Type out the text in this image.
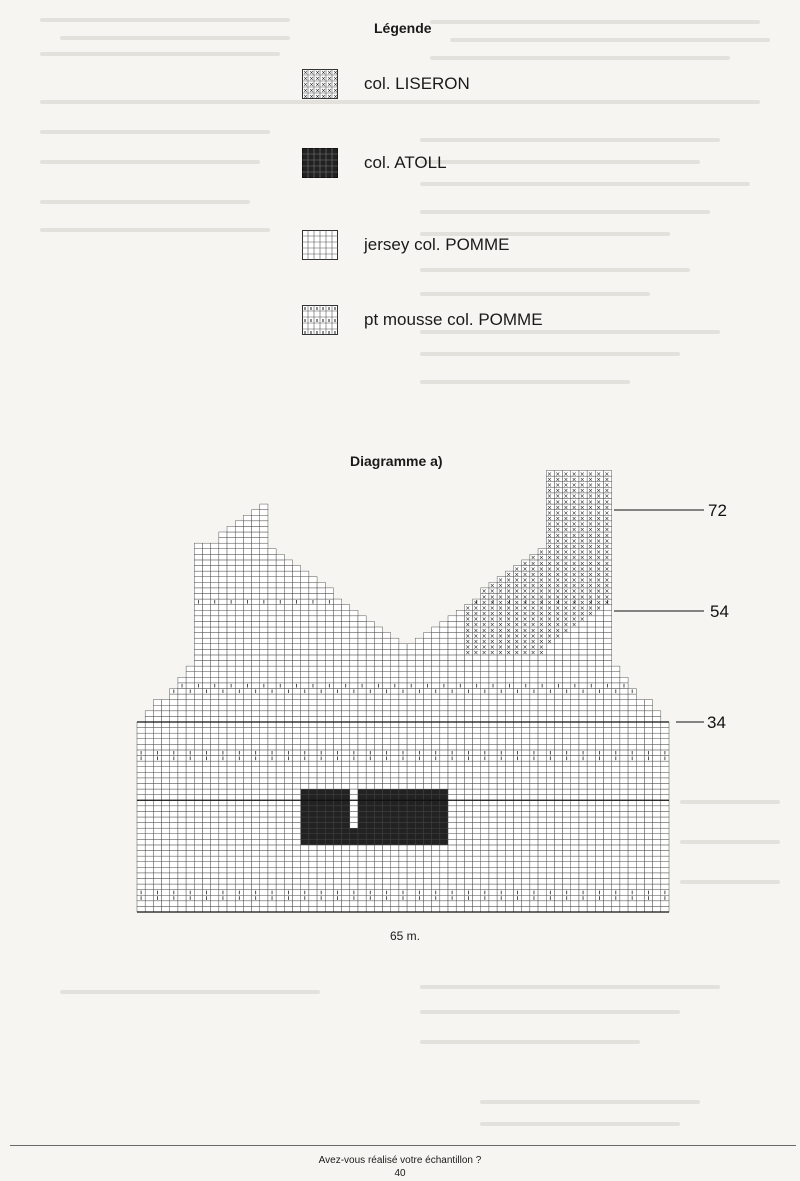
Légende
× × × × × ×
× × × × × ×
× × × × × ×
× × × × × ×
× × × × × ×
col. LISERON
col. ATOLL
jersey col. POMME
pt mousse col. POMME
Diagramme a)
× × × × × × × × × ×
× × × × × × × × × ×
× × × × × × × × × × ×
× × × × × × × × × × × ×
× × × × × × × × × × × × ×
× × × × × × × × × × × × × ×
× × × × × × × × × × × × × × ×
× × × × × × × × × × × × × × × ×
× × × × × × × × × × × × × × × × ×
× × × × × × × × × × × × × × × × ×
× × × × × × × × × × × × × × × ×
× × × × × × × × × × × × × × × ×
× × × × × × × × × × × × × × ×
× × × × × × × × × × × × × ×
× × × × × × × × × × × × ×
× × × × × × × × × × × ×
× × × × × × × × × × ×
× × × × × × × × × ×
× × × × × × × × ×
× × × × × × × ×
× × × × × × × ×
× × × × × × × ×
× × × × × × × ×
× × × × × × × ×
× × × × × × × ×
× × × × × × × ×
× × × × × × × ×
× × × × × × × ×
× × × × × × × ×
× × × × × × × ×
× × × × × × × ×
× × × × × × × ×
× × × × × × × ×
72
54
34
65 m.
Avez-vous réalisé votre échantillon ?
40
